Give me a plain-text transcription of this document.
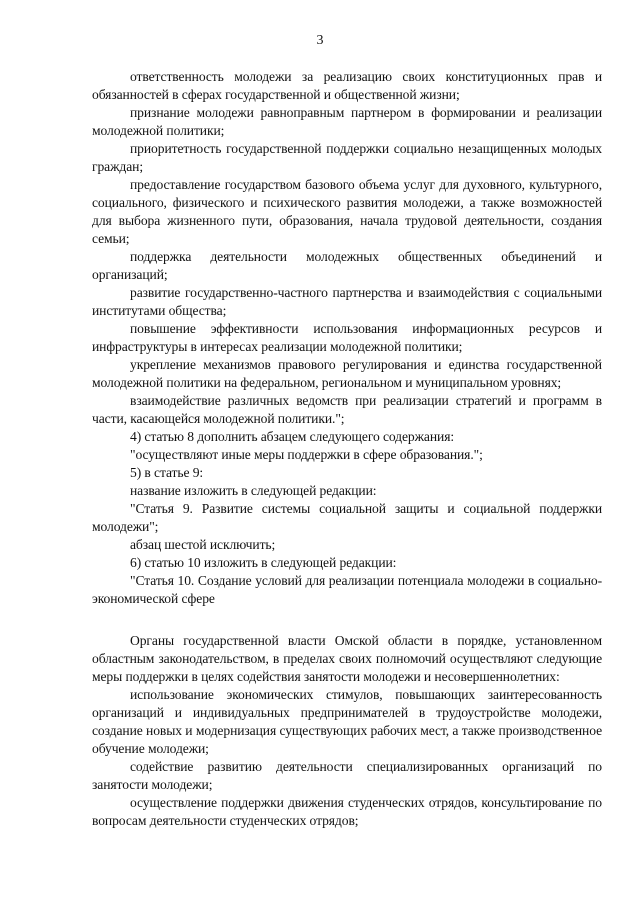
3

ответственность молодежи за реализацию своих конституционных прав и обязанностей в сферах государственной и общественной жизни;

признание молодежи равноправным партнером в формировании и реализации молодежной политики;

приоритетность государственной поддержки социально незащищенных молодых граждан;

предоставление государством базового объема услуг для духовного, культурного, социального, физического и психического развития молодежи, а также возможностей для выбора жизненного пути, образования, начала трудовой деятельности, создания семьи;

поддержка деятельности молодежных общественных объединений и организаций;

развитие государственно-частного партнерства и взаимодействия с социальными институтами общества;

повышение эффективности использования информационных ресурсов и инфраструктуры в интересах реализации молодежной политики;

укрепление механизмов правового регулирования и единства государственной молодежной политики на федеральном, региональном и муниципальном уровнях;

взаимодействие различных ведомств при реализации стратегий и программ в части, касающейся молодежной политики.";

4) статью 8 дополнить абзацем следующего содержания:

"осуществляют иные меры поддержки в сфере образования.";

5) в статье 9:

название изложить в следующей редакции:

"Статья 9. Развитие системы социальной защиты и социальной поддержки молодежи";

абзац шестой исключить;

6) статью 10 изложить в следующей редакции:

"Статья 10. Создание условий для реализации потенциала молодежи в социально-экономической сфере

Органы государственной власти Омской области в порядке, установленном областным законодательством, в пределах своих полномочий осуществляют следующие меры поддержки в целях содействия занятости молодежи и несовершеннолетних:

использование экономических стимулов, повышающих заинтересованность организаций и индивидуальных предпринимателей в трудоустройстве молодежи, создание новых и модернизация существующих рабочих мест, а также производственное обучение молодежи;

содействие развитию деятельности специализированных организаций по занятости молодежи;

осуществление поддержки движения студенческих отрядов, консультирование по вопросам деятельности студенческих отрядов;
